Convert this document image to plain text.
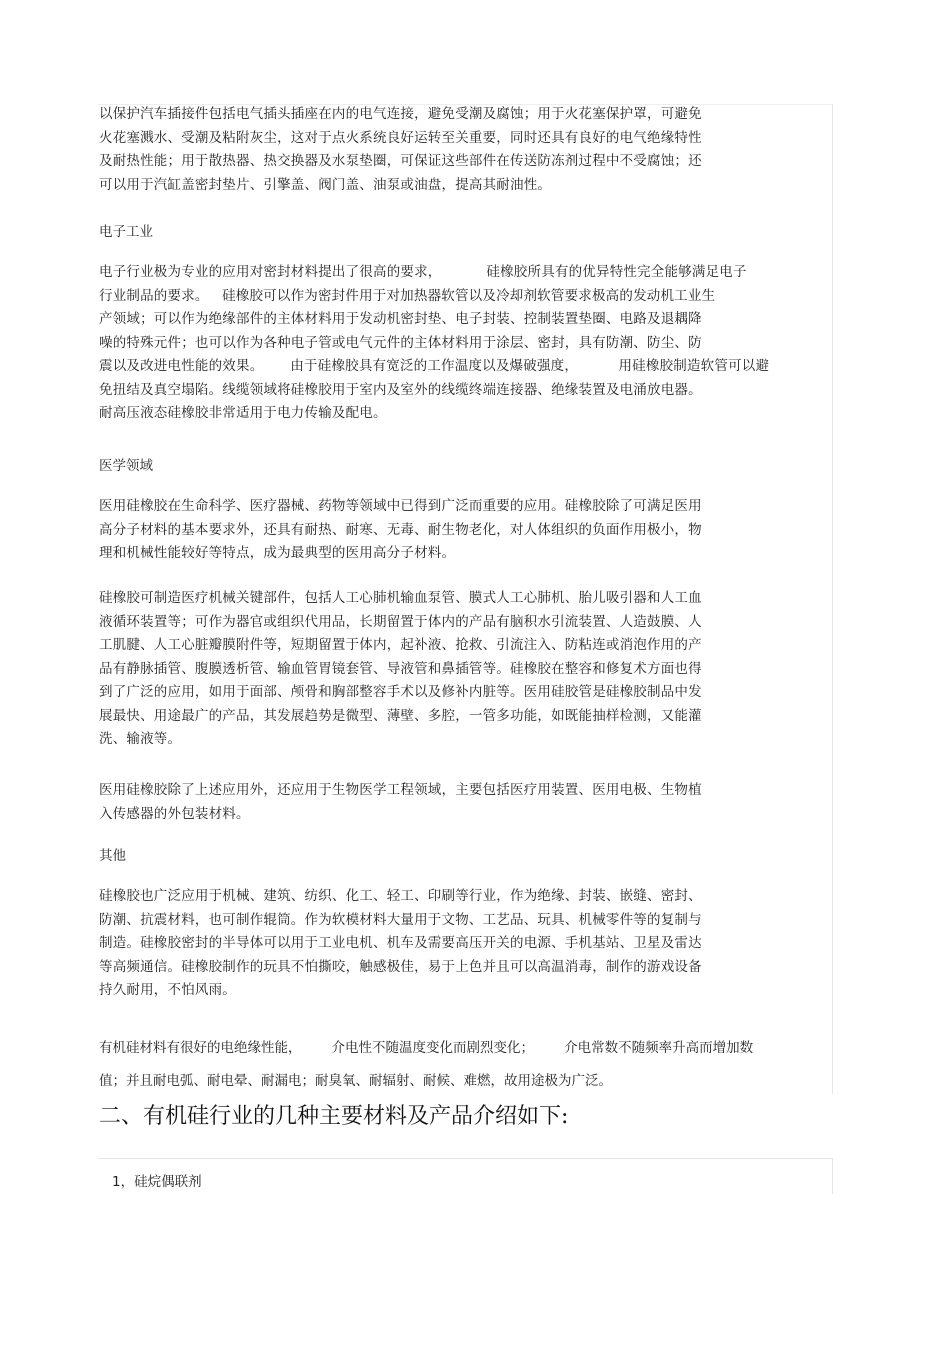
以保护汽车插接件包括电气插头插座在内的电气连接，避免受潮及腐蚀；用于火花塞保护罩，可避免
火花塞溅水、受潮及粘附灰尘，这对于点火系统良好运转至关重要，同时还具有良好的电气绝缘特性
及耐热性能；用于散热器、热交换器及水泵垫圈，可保证这些部件在传送防冻剂过程中不受腐蚀；还
可以用于汽缸盖密封垫片、引擎盖、阀门盖、油泵或油盘，提高其耐油性。
电子工业
电子行业极为专业的应用对密封材料提出了很高的要求，          硅橡胶所具有的优异特性完全能够满足电子
行业制品的要求。   硅橡胶可以作为密封件用于对加热器软管以及冷却剂软管要求极高的发动机工业生
产领域；可以作为绝缘部件的主体材料用于发动机密封垫、电子封装、控制装置垫圈、电路及退耦降
噪的特殊元件；也可以作为各种电子管或电气元件的主体材料用于涂层、密封，具有防潮、防尘、防
震以及改进电性能的效果。      由于硅橡胶具有宽泛的工作温度以及爆破强度，         用硅橡胶制造软管可以避
免扭结及真空塌陷。线缆领域将硅橡胶用于室内及室外的线缆终端连接器、绝缘装置及电涌放电器。
耐高压液态硅橡胶非常适用于电力传输及配电。
医学领域
医用硅橡胶在生命科学、医疗器械、药物等领域中已得到广泛而重要的应用。硅橡胶除了可满足医用
高分子材料的基本要求外，还具有耐热、耐寒、无毒、耐生物老化，对人体组织的负面作用极小，物
理和机械性能较好等特点，成为最典型的医用高分子材料。
硅橡胶可制造医疗机械关键部件，包括人工心肺机输血泵管、膜式人工心肺机、胎儿吸引器和人工血
液循环装置等；可作为器官或组织代用品，长期留置于体内的产品有脑积水引流装置、人造鼓膜、人
工肌腱、人工心脏瓣膜附件等，短期留置于体内，起补液、抢救、引流注入、防粘连或消泡作用的产
品有静脉插管、腹膜透析管、输血管胃镜套管、导液管和鼻插管等。硅橡胶在整容和修复术方面也得
到了广泛的应用，如用于面部、颅骨和胸部整容手术以及修补内脏等。医用硅胶管是硅橡胶制品中发
展最快、用途最广的产品，其发展趋势是微型、薄壁、多腔，一管多功能，如既能抽样检测，又能灌
洗、输液等。
医用硅橡胶除了上述应用外，还应用于生物医学工程领域，主要包括医疗用装置、医用电极、生物植
入传感器的外包装材料。
其他
硅橡胶也广泛应用于机械、建筑、纺织、化工、轻工、印刷等行业，作为绝缘、封装、嵌缝、密封、
防潮、抗震材料，也可制作辊筒。作为软模材料大量用于文物、工艺品、玩具、机械零件等的复制与
制造。硅橡胶密封的半导体可以用于工业电机、机车及需要高压开关的电源、手机基站、卫星及雷达
等高频通信。硅橡胶制作的玩具不怕撕咬，触感极佳，易于上色并且可以高温消毒，制作的游戏设备
持久耐用，不怕风雨。
有机硅材料有很好的电绝缘性能，       介电性不随温度变化而剧烈变化；       介电常数不随频率升高而增加数
值；并且耐电弧、耐电晕、耐漏电；耐臭氧、耐辐射、耐候、难燃，故用途极为广泛。
二、有机硅行业的几种主要材料及产品介绍如下:
1，硅烷偶联剂
